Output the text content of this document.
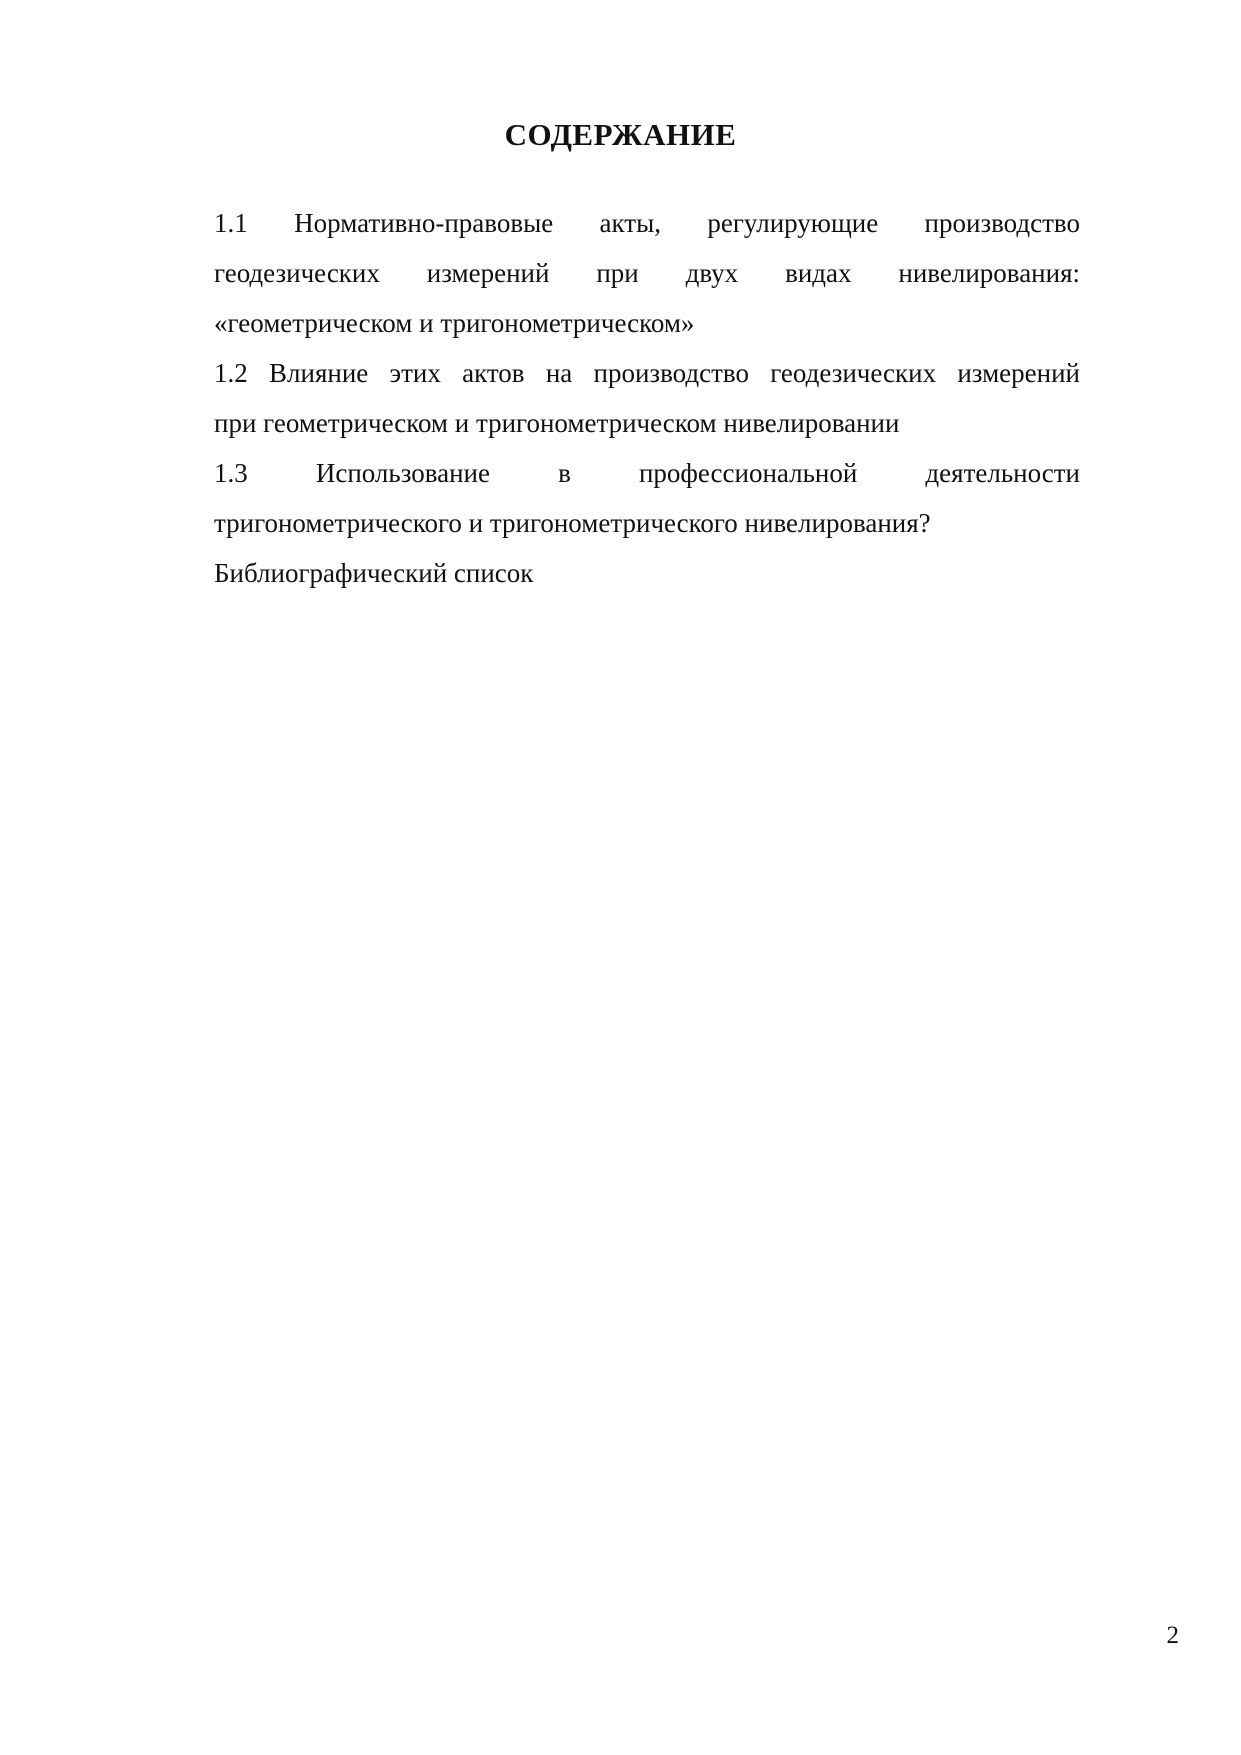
СОДЕРЖАНИЕ
1.1 Нормативно-правовые акты, регулирующие производство
геодезических измерений при двух видах нивелирования:
«геометрическом и тригонометрическом»
1.2 Влияние этих актов на производство геодезических измерений
при геометрическом и тригонометрическом нивелировании
1.3 Использование в профессиональной деятельности
тригонометрического и тригонометрического нивелирования?
Библиографический список
2
